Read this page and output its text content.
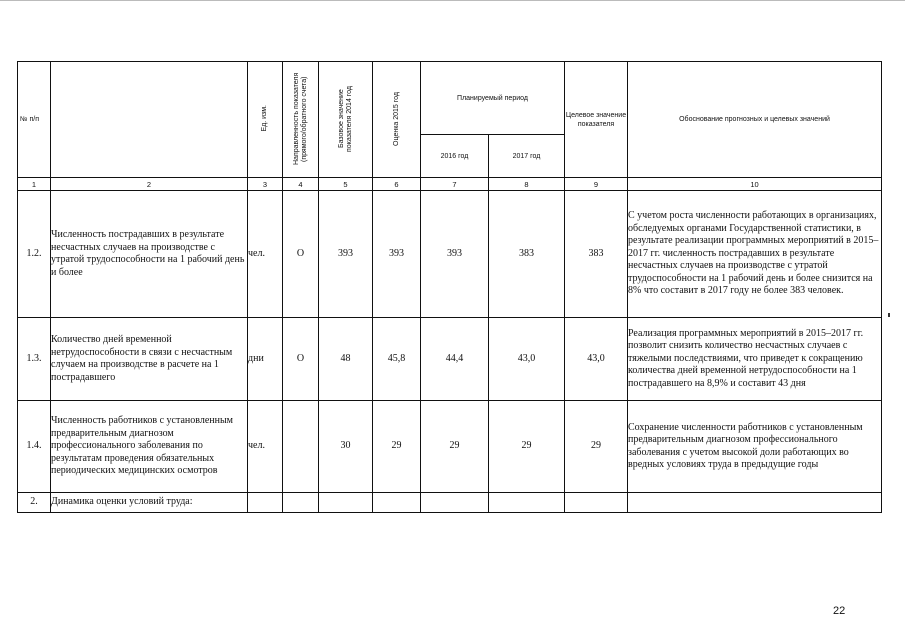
№ п/п		Ед. изм.	Направленность показателя (прямого/обратного счета)	Базовое значение показателя 2014 год	Оценка 2015 год	Планируемый период		Целевое значение показателя	Обоснование прогнозных и целевых значений
						2016 год	2017 год		
1	2	3	4	5	6	7	8	9	10
1.2.	Численность пострадавших в результате несчастных случаев на производстве с утратой трудоспособности на 1 рабочий день и более	чел.	О	393	393	393	383	383	С учетом роста численности работающих в организациях, обследуемых органами Государственной статистики, в результате реализации программных мероприятий в 2015–2017 гг. численность пострадавших в результате несчастных случаев на производстве с утратой трудоспособности на 1 рабочий день и более снизится на 8% что составит в 2017 году не более 383 человек.
1.3.	Количество дней временной нетрудоспособности в связи с несчастным случаем на производстве в расчете на 1 пострадавшего	дни	О	48	45,8	44,4	43,0	43,0	Реализация программных мероприятий в 2015–2017 гг. позволит снизить количество несчастных случаев с тяжелыми последствиями, что приведет к сокращению количества дней временной нетрудоспособности на 1 пострадавшего на 8,9% и составит 43 дня
1.4.	Численность работников с установленным предварительным диагнозом профессионального заболевания по результатам проведения обязательных периодических медицинских осмотров	чел.		30	29	29	29	29	Сохранение численности работников с установленным предварительным диагнозом профессионального заболевания с учетом высокой доли работающих во вредных условиях труда в предыдущие годы
2.	Динамика оценки условий труда:								
22
